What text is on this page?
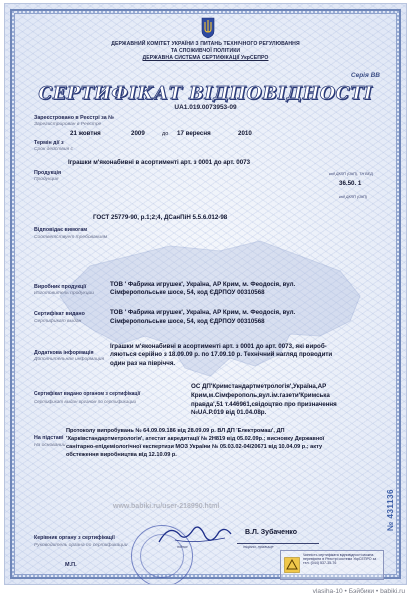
ДЕРЖАВНИЙ КОМІТЕТ УКРАЇНИ З ПИТАНЬ ТЕХНІЧНОГО РЕГУЛЮВАННЯ
ТА СПОЖИВЧОЇ ПОЛІТИКИ
ДЕРЖАВНА СИСТЕМА СЕРТИФІКАЦІЇ УкрСЕПРО
Серія ВВ
СЕРТИФІКАТ ВІДПОВІДНОСТІ
UA1.019.0073953-09
Зареєстровано в Реєстрі за №
Зарегистрирован в Реестре
21 жовтня	2009	до 17 вересня	2010
Термін дії з
Срок действия с
Продукція
Продукция
Іграшки м'яконабивні в асортименті арт. з 0001 до арт. 0073
код ДКПП (ОКП), ТН ВЕД
36.50. 1
код ДКПП (ОКП)
Відповідає вимогам
Соответствует требованиям
ГОСТ 25779-90, р.1;2;4, ДСанПіН 5.5.6.012-98
Виробник продукції
Изготовитель продукции
ТОВ ' Фабрика игрушек', Україна, АР Крим, м. Феодосія, вул.
Сімферопольське шосе, 54, код ЄДРПОУ 00310568
Сертифікат видано
Сертификат выдан
ТОВ ' Фабрика игрушек', Україна, АР Крим, м. Феодосія, вул.
Сімферопольське шосе, 54, код ЄДРПОУ 00310568
Додаткова інформація
Дополнительная информация
Іграшки м'яконабивні в асортименті арт. з 0001 до арт. 0073, які вироб-
ляються серійно з 18.09.09 р. по 17.09.10 р. Технічний нагляд проводити
один раз на півріччя.
Сертифікат видано органом з сертифікації
Сертификат выдан органом по сертификации
ОС ДП'Кримстандартметрологія',Україна,АР
Крим,м.Сімферополь,вул.ім.газети'Кримська
правда',51 т.446961,свідоцтво про призначення
№UA.Р.019 від 01.04.08р.
На підставі
На основании
Протоколу випробувань № 64.09.09.186 від 28.09.09 р. ВЛ ДП 'Електромаш', ДП
'Харківстандартметрологія', атестат акредитації № 2Н819 від 05.02.09р.; висновку Державної
санітарно-епідеміологічної експертизи МОЗ України № 05.03.02-04/20671 від 10.04.09 р.; акту
обстеження виробництва від 12.10.09 р.
www.babiki.ru/user-218990.html
Керівник органу з сертифікації
Руководитель органа по сертификации
В.Л. Зубаченко
підпис	ініціали, прізвище
М.П.
Чинність сертифіката відповідності можна перевірити в Реєстрі системи УкрСЕПРО за тел. (044) 537-35-76
№ 431136
vlasiha-10 • Бэйбики • babiki.ru
